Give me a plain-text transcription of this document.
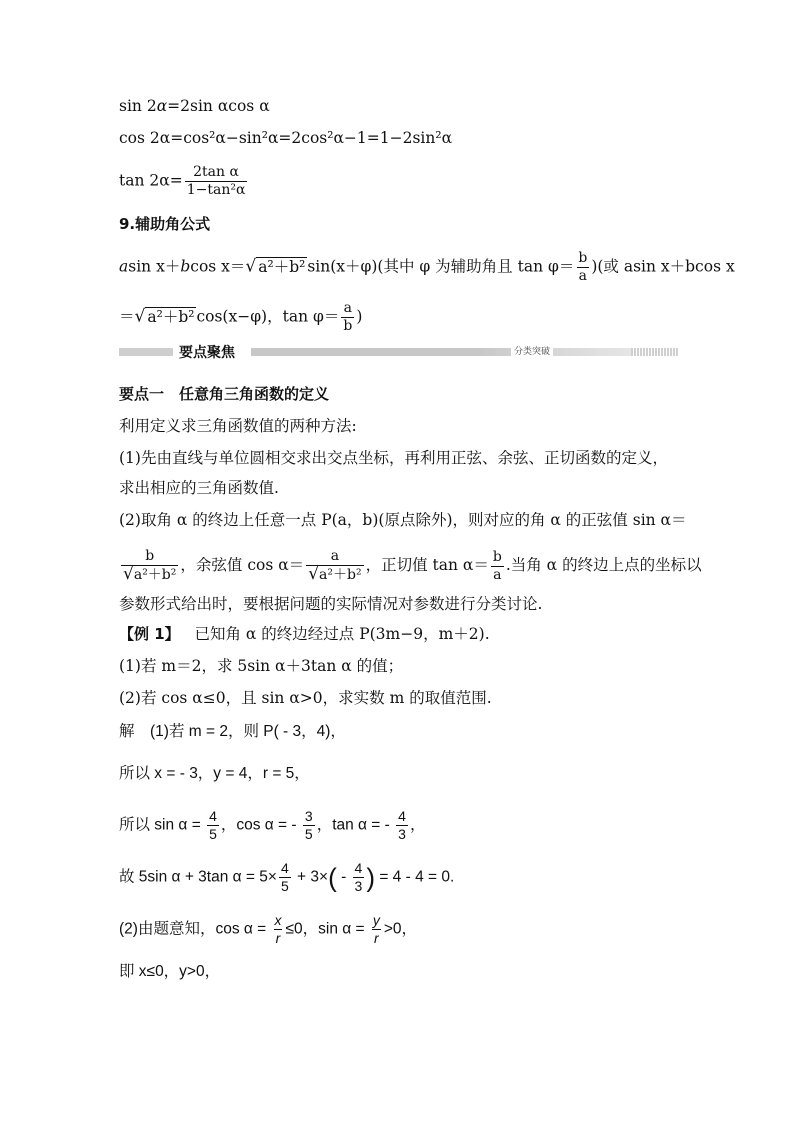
sin 2α=2sin αcos α
cos 2α=cos²α−sin²α=2cos²α−1=1−2sin²α
$\tan 2\alpha= \frac{\text{2tan α}}{\text{1−tan²α}}$
9.辅助角公式
asin x＋bcos x＝√ a²＋b² sin(x＋φ)(其中 φ 为辅助角且 $\tan \varphi= \frac{b}{a}$ )(或 asin x＋bcos x
＝√ a²＋b² cos(x−φ)，$\tan \varphi= \frac{a}{b}$ )
要点聚焦	分类突破
要点一　任意角三角函数的定义
利用定义求三角函数值的两种方法:
(1)先由直线与单位圆相交求出交点坐标，再利用正弦、余弦、正切函数的定义，
求出相应的三角函数值.
(2)取角 α 的终边上任意一点 P(a，b)(原点除外)，则对应的角 α 的正弦值 sin α＝
$\frac{b}{\text{√a²＋b²}}$ ，余弦值 $\cos \alpha= \frac{a}{\text{√a²＋b²}}$ ，正切值 $\tan \alpha= \frac{b}{a}$ .当角 α 的终边上点的坐标以
参数形式给出时，要根据问题的实际情况对参数进行分类讨论.
【例 1】 已知角 α 的终边经过点 P(3m−9，m＋2).
(1)若 m＝2，求 5sin α＋3tan α 的值；
(2)若 cos α≤0，且 sin α>0，求实数 m 的取值范围.
解　(1)若 m = 2，则 P( - 3，4)，
所以 x = - 3，y = 4，r = 5，
所以 $\sin \alpha = \frac{4}{5}$ ，cos α = - $\frac{3}{5}$ ，tan α = - $\frac{4}{3}$ ，
故 5sin α + 3tan $\alpha = 5\times \frac{4}{5} + 3\times( - \frac{4}{3}$ ) = 4 - 4 = 0.
(2)由题意知，$\cos \alpha = \frac{x}{r} \le 0$，$\sin \alpha = \frac{y}{r} >0$，
即 x≤0，y>0，
